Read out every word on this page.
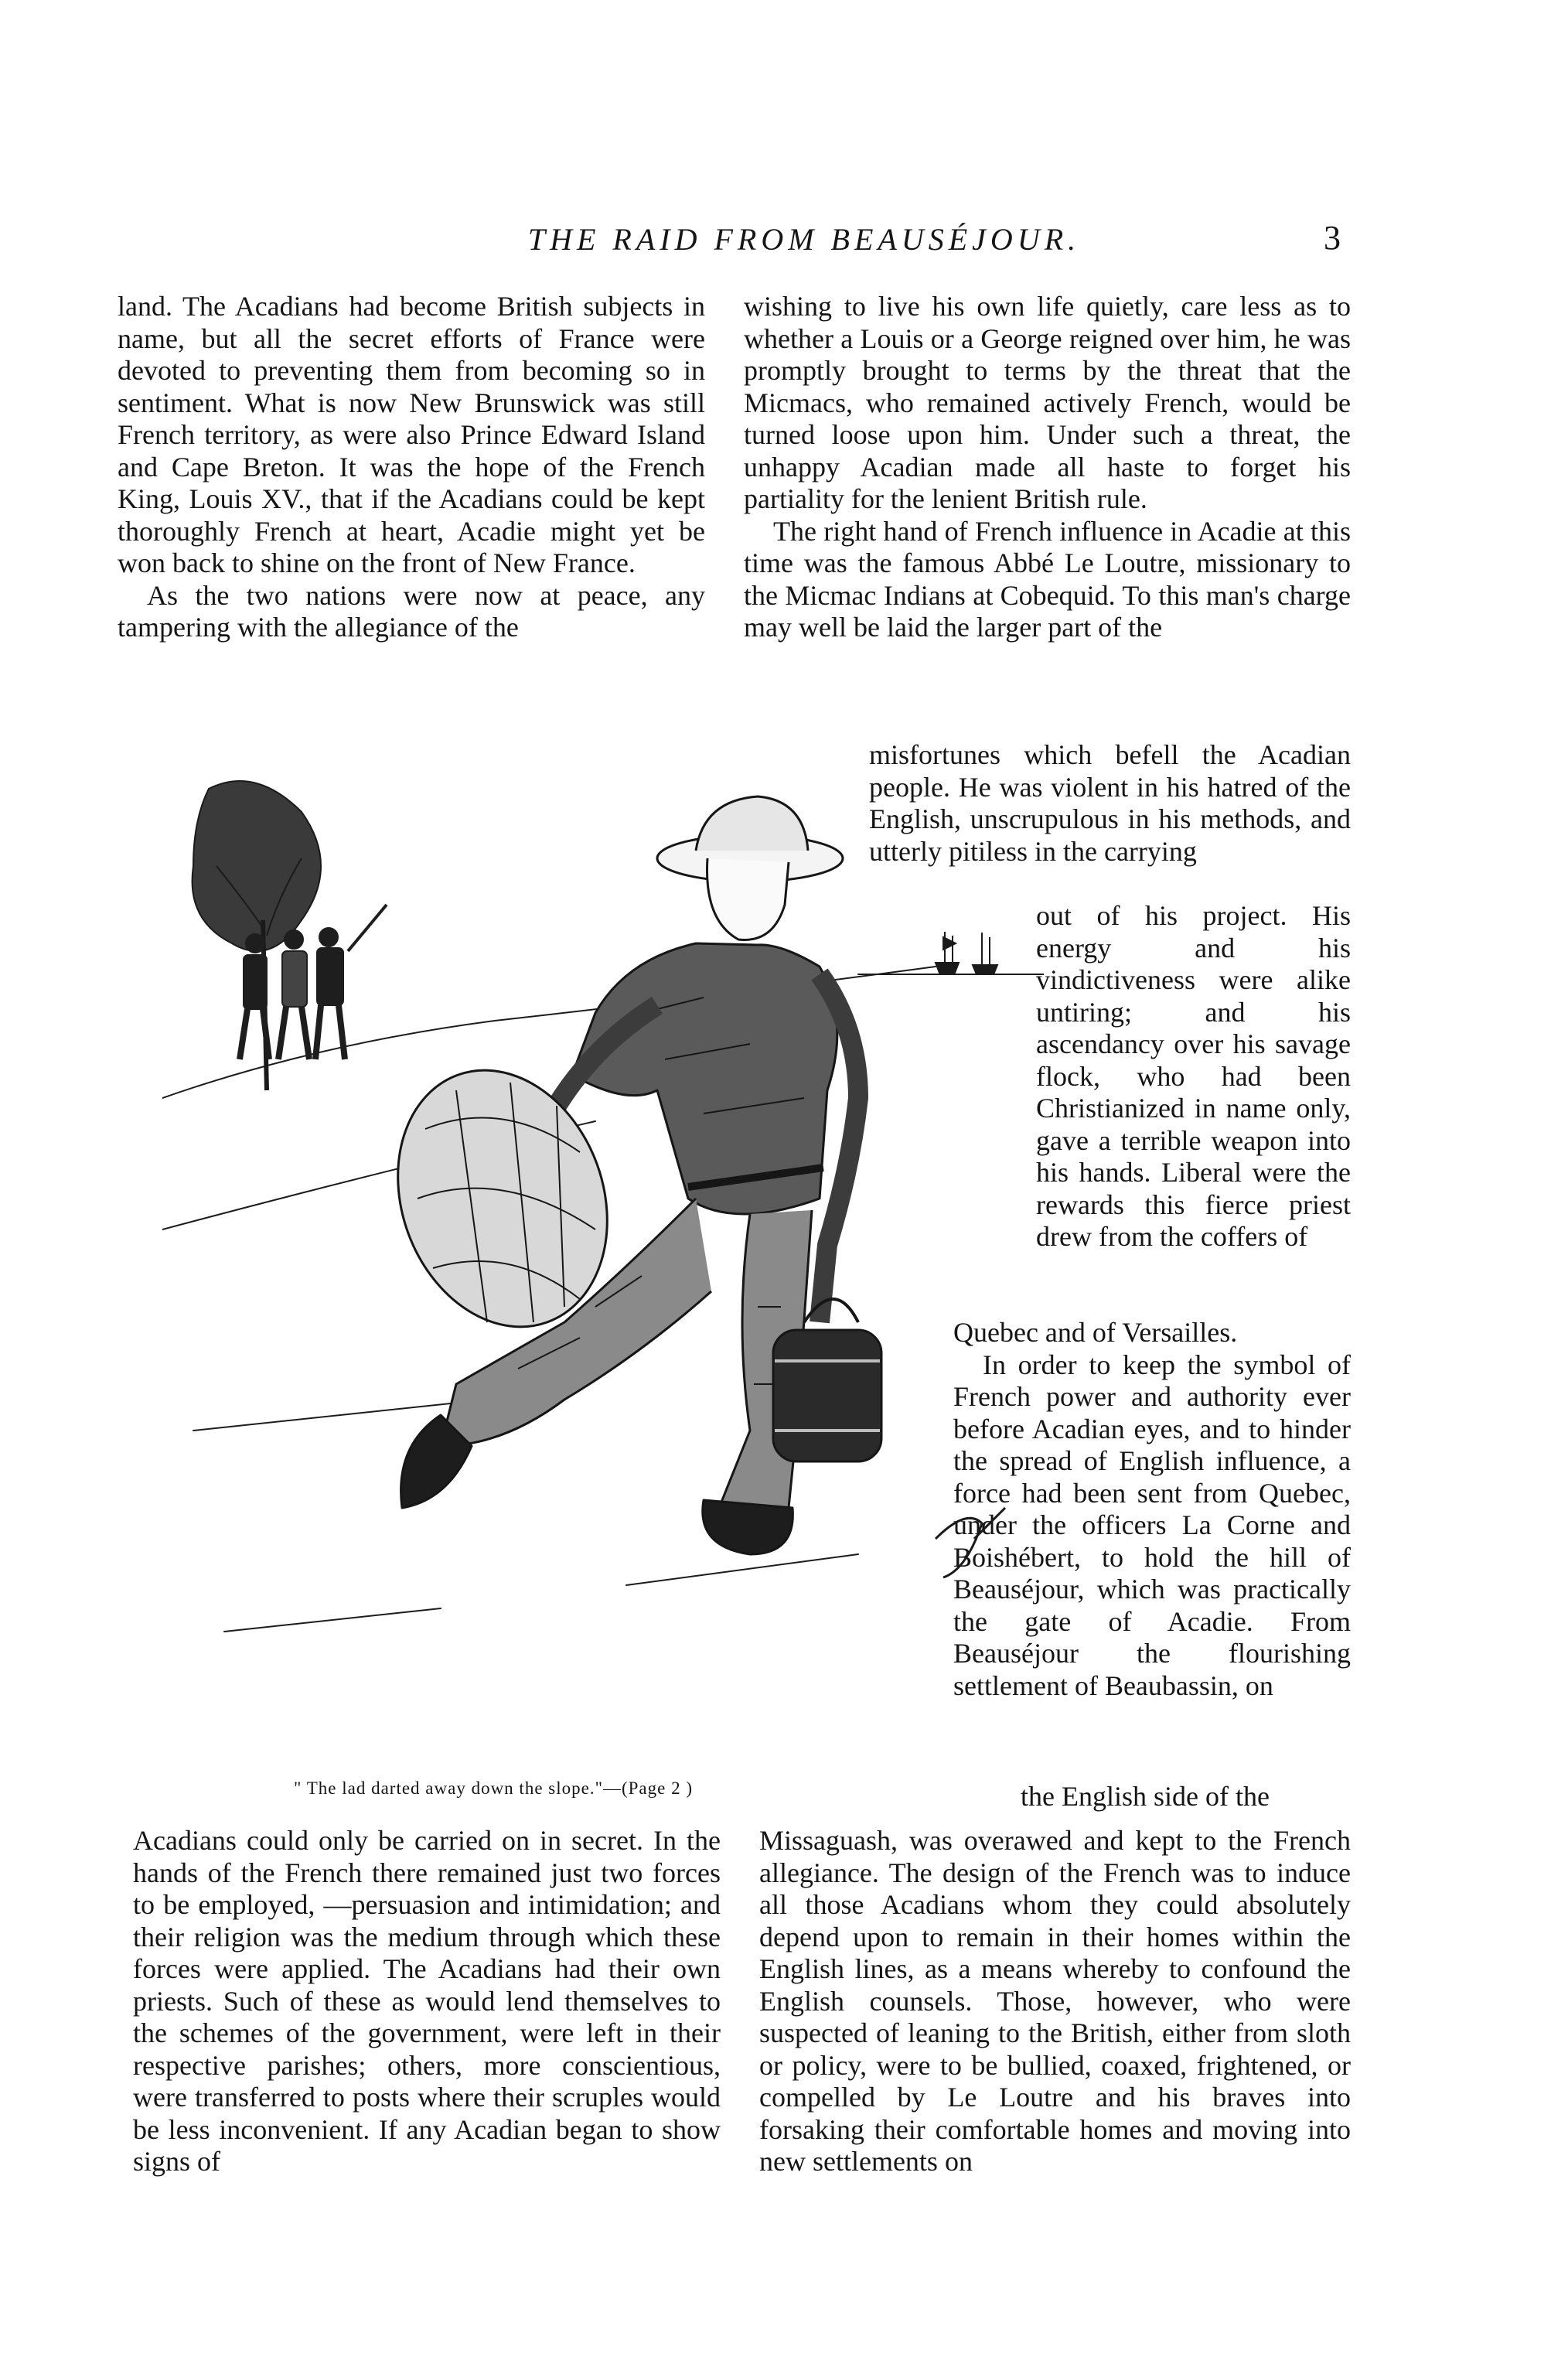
THE RAID FROM BEAUSÉJOUR.	3

land. The Acadians had become British subjects in name, but all the secret efforts of France were devoted to preventing them from becoming so in sentiment. What is now New Brunswick was still French territory, as were also Prince Edward Island and Cape Breton. It was the hope of the French King, Louis XV., that if the Acadians could be kept thoroughly French at heart, Acadie might yet be won back to shine on the front of New France.

As the two nations were now at peace, any tampering with the allegiance of the

wishing to live his own life quietly, care less as to whether a Louis or a George reigned over him, he was promptly brought to terms by the threat that the Micmacs, who remained actively French, would be turned loose upon him. Under such a threat, the unhappy Acadian made all haste to forget his partiality for the lenient British rule.

The right hand of French influence in Acadie at this time was the famous Abbé Le Loutre, missionary to the Micmac Indians at Cobequid. To this man's charge may well be laid the larger part of the

misfortunes which befell the Acadian people. He was violent in his hatred of the English, unscrupulous in his methods, and utterly pitiless in the carrying

out of his project. His energy and his vindictiveness were alike untiring; and his ascendancy over his savage flock, who had been Christianized in name only, gave a terrible weapon into his hands. Liberal were the rewards this fierce priest drew from the coffers of

Quebec and of Versailles.

In order to keep the symbol of French power and authority ever before Acadian eyes, and to hinder the spread of English influence, a force had been sent from Quebec, under the officers La Corne and Boishébert, to hold the hill of Beauséjour, which was practically the gate of Acadie. From Beauséjour the flourishing settlement of Beaubassin, on

the English side of the

" The lad darted away down the slope."—(Page 2 )

Acadians could only be carried on in secret. In the hands of the French there remained just two forces to be employed, —persuasion and intimidation; and their religion was the medium through which these forces were applied. The Acadians had their own priests. Such of these as would lend themselves to the schemes of the government, were left in their respective parishes; others, more conscientious, were transferred to posts where their scruples would be less inconvenient. If any Acadian began to show signs of

Missaguash, was overawed and kept to the French allegiance. The design of the French was to induce all those Acadians whom they could absolutely depend upon to remain in their homes within the English lines, as a means whereby to confound the English counsels. Those, however, who were suspected of leaning to the British, either from sloth or policy, were to be bullied, coaxed, frightened, or compelled by Le Loutre and his braves into forsaking their comfortable homes and moving into new settlements on
